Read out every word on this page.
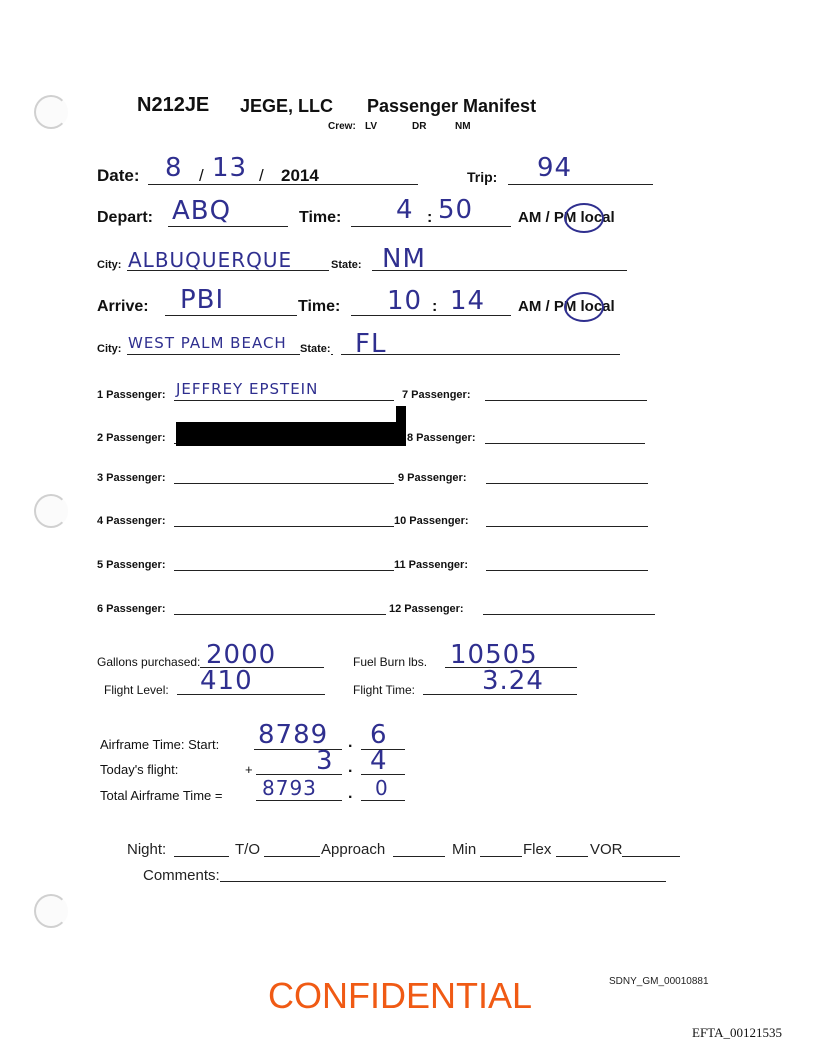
N212JE JEGE, LLC Passenger Manifest
Crew: LV	DR	NM
Date: 8 / 13 / 2014	Trip: 94
Depart: ABQ	Time: 4 : 50	AM / PM local
City: ALBUQUERQUE	State: NM
Arrive: PBI	Time: 10 : 14 AM / PM local
City: WEST PALM BEACH State: FL
1 Passenger: JEFFREY EPSTEIN
2 Passenger:
3 Passenger:
4 Passenger:
5 Passenger:
6 Passenger:
7 Passenger:
8 Passenger:
9 Passenger:
10 Passenger:
11 Passenger:
12 Passenger:
Gallons purchased: 2000	Fuel Burn lbs. 10505
Flight Level: 410	Flight Time:	3.24
Airframe Time: Start: 8789 . 6
Today's flight:	+ 3 . 4
Total Airframe Time = 8793 . 0
Night:	T/O	Approach	Min	Flex	VOR
Comments:
CONFIDENTIAL	SDNY_GM_00010881
EFTA_00121535
